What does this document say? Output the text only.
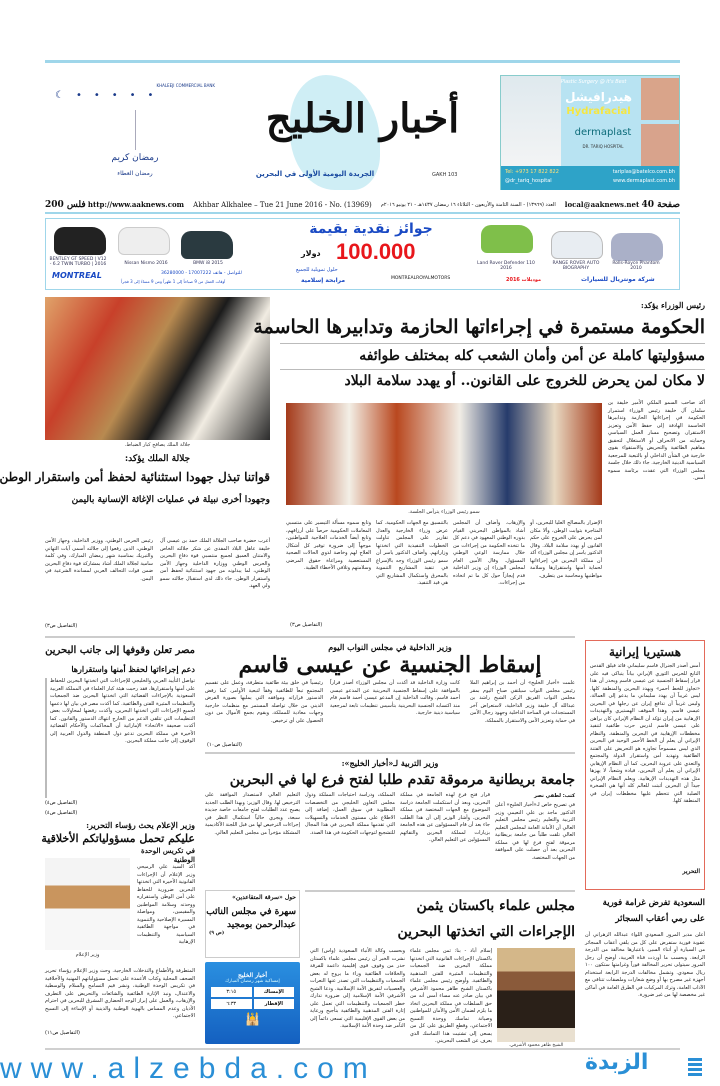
KHALEEJI COMMERCIAL BANK
☾•••••
رمضان كريم
رمضان العطاء
أخبار الخليج
الجريدة اليومية الأولى في البحرين	GAKH 103
Plastic Surgery @ it's Best
هيدرافيشل
Hydrafacial
dermaplast
DR. TARIQ HOSPITAL
Tel: +973 17 822 822	tariplas@batelco.com.bh

@dr_tariq_hospital	www.dermaplast.com.bh
200 فلس http://www.aaknews.com Akhbar Alkhalee – Tue 21 June 2016 - No. (13969) العدد (١٣٩٦٩) - السنة الثامنة والأربعون - الثلاثاء ١٦ رمضان ١٤٣٧هـ - ٢١ يونيو ٢٠١٦م local@aaknews.net 40 صفحة
BENTLEY GT SPEED | V12 - 6.2 TWIN TURBO | 2016	Nissan Nismo 2016	BMW i8 2015	Land Rover Defender 110 2016
RANGE ROVER AUTO BIOGRAPHY
Rolls-Royce Phantom 2010
جوائز نقدية بقيمة
100.000
دولار
حلول تمويلية للجميع
مرابحة إسلامية	MONTREALROYALMOTORS	موديلات 2016	شركة مونتريال للسيارات
MONTREAL	للتواصل - هاتف 17007222 - 36280000
أوقات العمل من 9 صباحاً إلى 1 ظهراً ومن 9 مساءً إلى 3 فجراً
جلالة الملك يصافح كبار الضباط.
رئيس الوزراء يؤكد:
الحكومة مستمرة في إجراءاتها الحازمة وتدابيرها الحاسمة
مسؤوليتها كاملة عن أمن وأمان الشعب كله بمختلف طوائفه
لا مكان لمن يحرض للخروج على القانون.. أو يهدد سلامة البلاد
سمو رئيس الوزراء يترأس الجلسة.
أكد صاحب السمو الملكي الأمير خليفة بن سلمان آل خليفة رئيس الوزراء استمرار الحكومة في إجراءاتها الحازمة وتدابيرها الحاسمة الهادفة إلى حفظ الأمن وتعزيز الاستقرار، وتصحيح مسار العمل السياسي وحمايته من الانحراف أو الاستغلال لتحقيق مفاهيم الطائفية والتحريض والاستقواء بقوى خارجية في الشأن الداخلي أو بالتبعية للمرجعية السياسية الدينية الخارجية. جاء ذلك خلال جلسة مجلس الوزراء التي عقدت برئاسة سموه أمس.
الإضرار بالمصالح العليا للبحرين، أو المتاجرة بثوابت الوطن، وألا مكان لمن يحرض على الخروج على حكم القانون أو يهدد سلامة البلاد. وقال الدكتور ياسر إن مجلس الوزراء أكد أن مملكة البحرين في إجراءاتها لحماية أمنها واستقرارها وسلامة مواطنيها ومحاسبة من يتطرف.
والإرهاب. وأضاف أن المجلس أشاد بالمواطن البحريني القيام بدوره الوطني المعهود في دعم كل ما تتخذه الحكومة من إجراءات من خلال ممارسة الوعي الوطني المسؤول. وقال الأمين العام لمجلس الوزراء إن وزير الداخلية قدم إيجازاً حول كل ما تم اتخاذه من إجراءات.
بالتنسيق مع الجهات الحكومية. كما عرض وزراء الخارجية والعدل تقارير على المجلس تناولت الخطوات التنفيذية التي اتخذتها وزاراتهم. وأضاف الدكتور ياسر أن سمو رئيس الوزراء وجه بالإسراع في تنفيذ المشاريع التنموية بالمحرق واستكمال المشاريع التي هي قيد التنفيذ.
وتابع سموه مسألة التيسير على منتسبي المعاملات الحكومية حرصاً على أرزاقهم، وتابع أيضاً الخدمات العلاجية للمواطنين، موجهاً إلى ضرورة توفير كل أشكال العلاج لهم وخاصة لذوي الحالات الصحية المستعصية ومراعاة حقوق المرضى وسلامتهم وتلافي الأخطاء الطبية.
(التفاصيل ص٣)
جلالة الملك يؤكد:
قواتنا تبذل جهودا استثنائية لحفظ أمن واستقرار الوطن
وجهودا أخرى نبيلة في عمليات الإغاثة الإنسانية باليمن
أعرب حضرة صاحب الجلالة الملك حمد بن عيسى آل خليفة عاهل البلاد المفدى عن شكر جلالته الخاص والامتنان العميق لجميع منتسبي قوة دفاع البحرين والحرس الوطني ووزارة الداخلية وجهاز الأمن الوطني، لما يبذلونه من جهود استثنائية لحفظ أمن واستقرار الوطن. جاء ذلك لدى استقبال جلالته سمو ولي العهد.
رئيس الحرس الوطني، ووزير الداخلية، وجهاز الأمن الوطني، الذين رفعوا إلى جلالته أسمى آيات التهاني والتبريك بمناسبة شهر رمضان المبارك، وفي كلمة سامية لجلالة الملك أشاد بمشاركة قوة دفاع البحرين ضمن قوات التحالف العربي لمساندة الشرعية في اليمن.
(التفاصيل ص٣)
هستيريا إيرانية
أمس أصدر الجنرال قاسم سليماني قائد فيلق القدس التابع للحرس الثوري الإيراني بياناً يتباكى فيه على قرار إسقاط الجنسية عن عيسى قاسم ويحذر أن هذا «تجاوز للخط أحمر» ويهدد البحرين والمنطقة كلها. ليس غريباً أن يهدد سليماني ما يدعو إلى العمالة، وليس غريباً أن تدافع إيران عن رجلها في البحرين عيسى قاسم. وهذا الموقف الهستيري والتهديدات الإرهابية من إيران تؤكد أن النظام الإيراني كان يراهن على عيسى قاسم لدرس حرب طائفية لتنفيذ مخططات الإرهابية في البحرين والمنطقة. والنظام الإيراني أن يعلم أن الخط الأحمر الوحيد في البحرين الذي ليس مسموحاً تجاوزه هو التحريض على الفتنة الطائفية وتهديد أمن واستقرار الدولة والمجتمع والتعدي على عروبة البحرين. كما أن النظام الإرهابي الإيراني أن يعلم أن البحرين، قيادة وشعباً، لا يهزها مثل هذه التهديدات الإرهابية. ويعلم النظام الإيراني جيداً أن البحرين أثبتت للعالم كله أنها هي الصخرة الصلبة التي تتحطم عليها مخططات إيران في المنطقة كلها.
التحرير
وزير الداخلية في مجلس النواب اليوم
إسقاط الجنسية عن عيسى قاسم
علمت «أخبار الخليج» أن أحمد بن إبراهيم الملا رئيس مجلس النواب سيلتقي صباح اليوم بمقر مجلس النواب الفريق الركن الشيخ راشد بن عبدالله آل خليفة وزير الداخلية، لاستعراض آخر المستجدات في الساحة الداخلية وجهود رجال الأمن في حماية وتعزيز الأمن والاستقرار بالمملكة.
كانت وزارة الداخلية قد أكدت أن مجلس الوزراء أصدر قراراً بالموافقة على إسقاط الجنسية البحرينية عن المدعو عيسى أحمد قاسم. وقالت الداخلية إن المدعو عيسى أحمد قاسم قام منذ اكتسابه الجنسية البحرينية بتأسيس تنظيمات تابعة لمرجعية سياسية دينية خارجية.
رئيسياً في خلق بيئة طائفية متطرفة، وعمل على تقسيم المجتمع تبعاً للطائفية وفقاً لتبعية الأوامر، كما رفض الدستور قراراته وموافقه التي يمليها بصورة الفرض الديني من خلال تواصله المستمر مع منظمات خارجية وجهات معادية للمملكة، ويقوم بجمع الأموال من دون الحصول على أي ترخيص.
(التفاصيل ص١٠)
مصر تعلن وقوفها إلى جانب البحرين
دعم إجراءاتها لحفظ أمنها واستقرارها
تواصل التأييد العربي والخليجي للإجراءات التي اتخذتها البحرين للحفاظ على أمنها واستقرارها، فقد رحبت هيئة كبار العلماء في المملكة العربية السعودية بالإجراءات القضائية التي اتخذتها البحرين ضد الجمعيات والتنظيمات المثيرة للفتن والطائفية. كما أكدت مصر في بيان لها دعمها لجميع الإجراءات التي اتخذتها البحرين، وأكدت رفضها لمحاولات بعض التنظيمات التي تتلقى الدعم من الخارج انتهاك الدستور والقانون. كما أكدت صحيفة «الاتحاد» الإماراتية أن المحاكمات والأحكام القضائية الأخيرة في مملكة البحرين تدعو دول المنطقة والدول العربية إلى الوقوف إلى جانب مملكة البحرين.
(التفاصيل ص٤)
وزير التربية لـ«أخبار الخليج»:
جامعة بريطانية مرموقة تقدم طلبا لفتح فرع لها في البحرين
كتب: لطفي نصر
في تصريح خاص لـ«أخبار الخليج» أعلن الدكتور ماجد بن علي النعيمي وزير التربية والتعليم رئيس مجلس التعليم العالي أن الأمانة العامة لمجلس التعليم العالي تلقت طلباً من جامعة بريطانية مرموقة لفتح فرع لها في مملكة البحرين بعد أن حصلت على الموافقة من الجهات المختصة.
قرار فتح فرع لهذه الجامعة في مملكة البحرين، وبعد أن استكملت الجامعة دراسة الموضوع مع الجهات المختصة في مملكة البحرين. وأشار الوزير إلى أن هذا الطلب جاء بعد أن قام المسؤولون عن هذه الجامعة بزيارات لمملكة البحرين والتقائهم المسؤولين عن التعليم العالي.
المملكة، ودراسة احتياجات المملكة ودول مجلس التعاون الخليجي من التخصصات المطلوبة في سوق العمل، إضافة إلى الاطلاع على مستوى الخدمات والتسهيلات التي تقدمها مملكة البحرين في هذا المجال للتشجيع لتوجهات الحكومة في هذا الصدد.
التعليم العالي لاستصدار الموافقة على الترخيص لها. وقال الوزير: وبهذا الطلب الجديد يصبح عدد الطلبات لفتح جامعات خاصة جديدة سبعة، ويجري حالياً استكمال النظر في إجراءات الترخيص لها من قبل اللجنة الأكاديمية المشكلة مؤخراً من مجلس التعليم العالي.
(التفاصيل ص٤)
وزير الإعلام يحث رؤساء التحرير:
عليكم تحمل مسؤولياتكم الأخلاقية
في تكريس الوحدة الوطنية
أكد السيد علي الرميحي وزير الإعلام أن الإجراءات القانونية الأخيرة التي اتخذتها البحرين ضرورية للحفاظ على أمن الوطن واستقراره ووحدته وسلامة المواطنين والمقيمين، ومواصلة المسيرة الإصلاحية والتنموية في مواجهة الطائفية السياسية والتنظيمات الإرهابية
وزير الإعلام
المتطرفة والأطماع والتدخلات الخارجية. وحث وزير الإعلام رؤساء تحرير الصحف المحلية وكتاب الأعمدة على تحمل مسؤولياتهم المهنية والأخلاقية في تكريس الوحدة الوطنية، ونشر قيم التسامح والسلام والوسطية والاعتدال، ونبذ الإثارة الطائفية والشائعات والتحريض على التطرف والإرهاب، والعمل على إبراز الوجه الحضاري المشرق للبحرين في احترام الأديان وعدم المساس بالهوية الوطنية والدينية أو الإساءة إلى النسيج الاجتماعي.
(التفاصيل ص١١)
حول «سرقة المتقاعدين»
سهرة في مجلس النائب
عبدالرحمن بومجيد
(ص ٩)
أخبار الخليج
إمساكية شهر رمضان المبارك
الإمساك
٣:١٥
الإفطار
٦:٣٣
🕌
مجلس علماء باكستان يثمن
الإجراءات التي اتخذتها البحرين
الشيخ طاهر محمود الأشرفي.
إسلام أباد - بنا: ثمن مجلس علماء باكستان الإجراءات القانونية التي اتخذتها مملكة البحرين ضد الجمعيات والتنظيمات المثيرة للفتن المذهبية والطائفية. وأوضح رئيس مجلس علماء باكستان الشيخ طاهر محمود الأشرفي في بيان صادر عنه مساء أمس أنه من حق السلطات في مملكة البحرين اتخاذ ما يلزم لضمان الأمن والأمان للمواطنين وصيانة تماسك ووحدة النسيج الاجتماعي، وقطع الطريق على كل من يسعى إلى تشتيت هذا التماسك الذي يعرف عن الشعب البحريني.
وبحسب وكالة الأنباء السعودية (واس) التي نشرت الخبر أن رئيس مجلس علماء باكستان حذر من وقوف قوى إقليمية داعمة للفرقة والخلافات الطائفية وراء ما يروج له بعض الجمعيات والتنظيمات التي تصدر عنها النعرات والعصبيات لتفريق الأمة الإسلامية. ودعا الشيخ الأشرفي الأمة الإسلامية إلى ضرورة تدارك خطر الجمعيات والتنظيمات التي تعمل على إثارة الفتن المذهبية والطائفية بتأجيج ورعاية من بعض القوى الإقليمية التي تسعى دائماً إلى التآمر ضد وحدة الأمة الإسلامية.
السعودية تفرض غرامة فورية
على رمي أعقاب السجائر
أعلن مدير المرور السعودي اللواء عبدالله الزهراني أن عقوبة فورية ستفرض على كل من يلقي أعقاب السجائر من السيارة أو أثناء السير، باعتبارها مخالفة من الدرجة الرابعة. وبحسب ما أوردت قناة العربية، أوضح أن رجل المرور سيتولى تحرير المخالفة فوراً وغرامتها ستكون ١٠٠ ريال سعودي. وتشمل مخالفات الدرجة الرابعة استخدام أجهزة غير مصرح بها أو وضع شعارات وملصقات تتنافى مع الآداب العامة، وترك المركبات في الطرق العامة في أماكن غير مخصصة لها من غير ضرورة.
www.alzebda.com	الزبدة
